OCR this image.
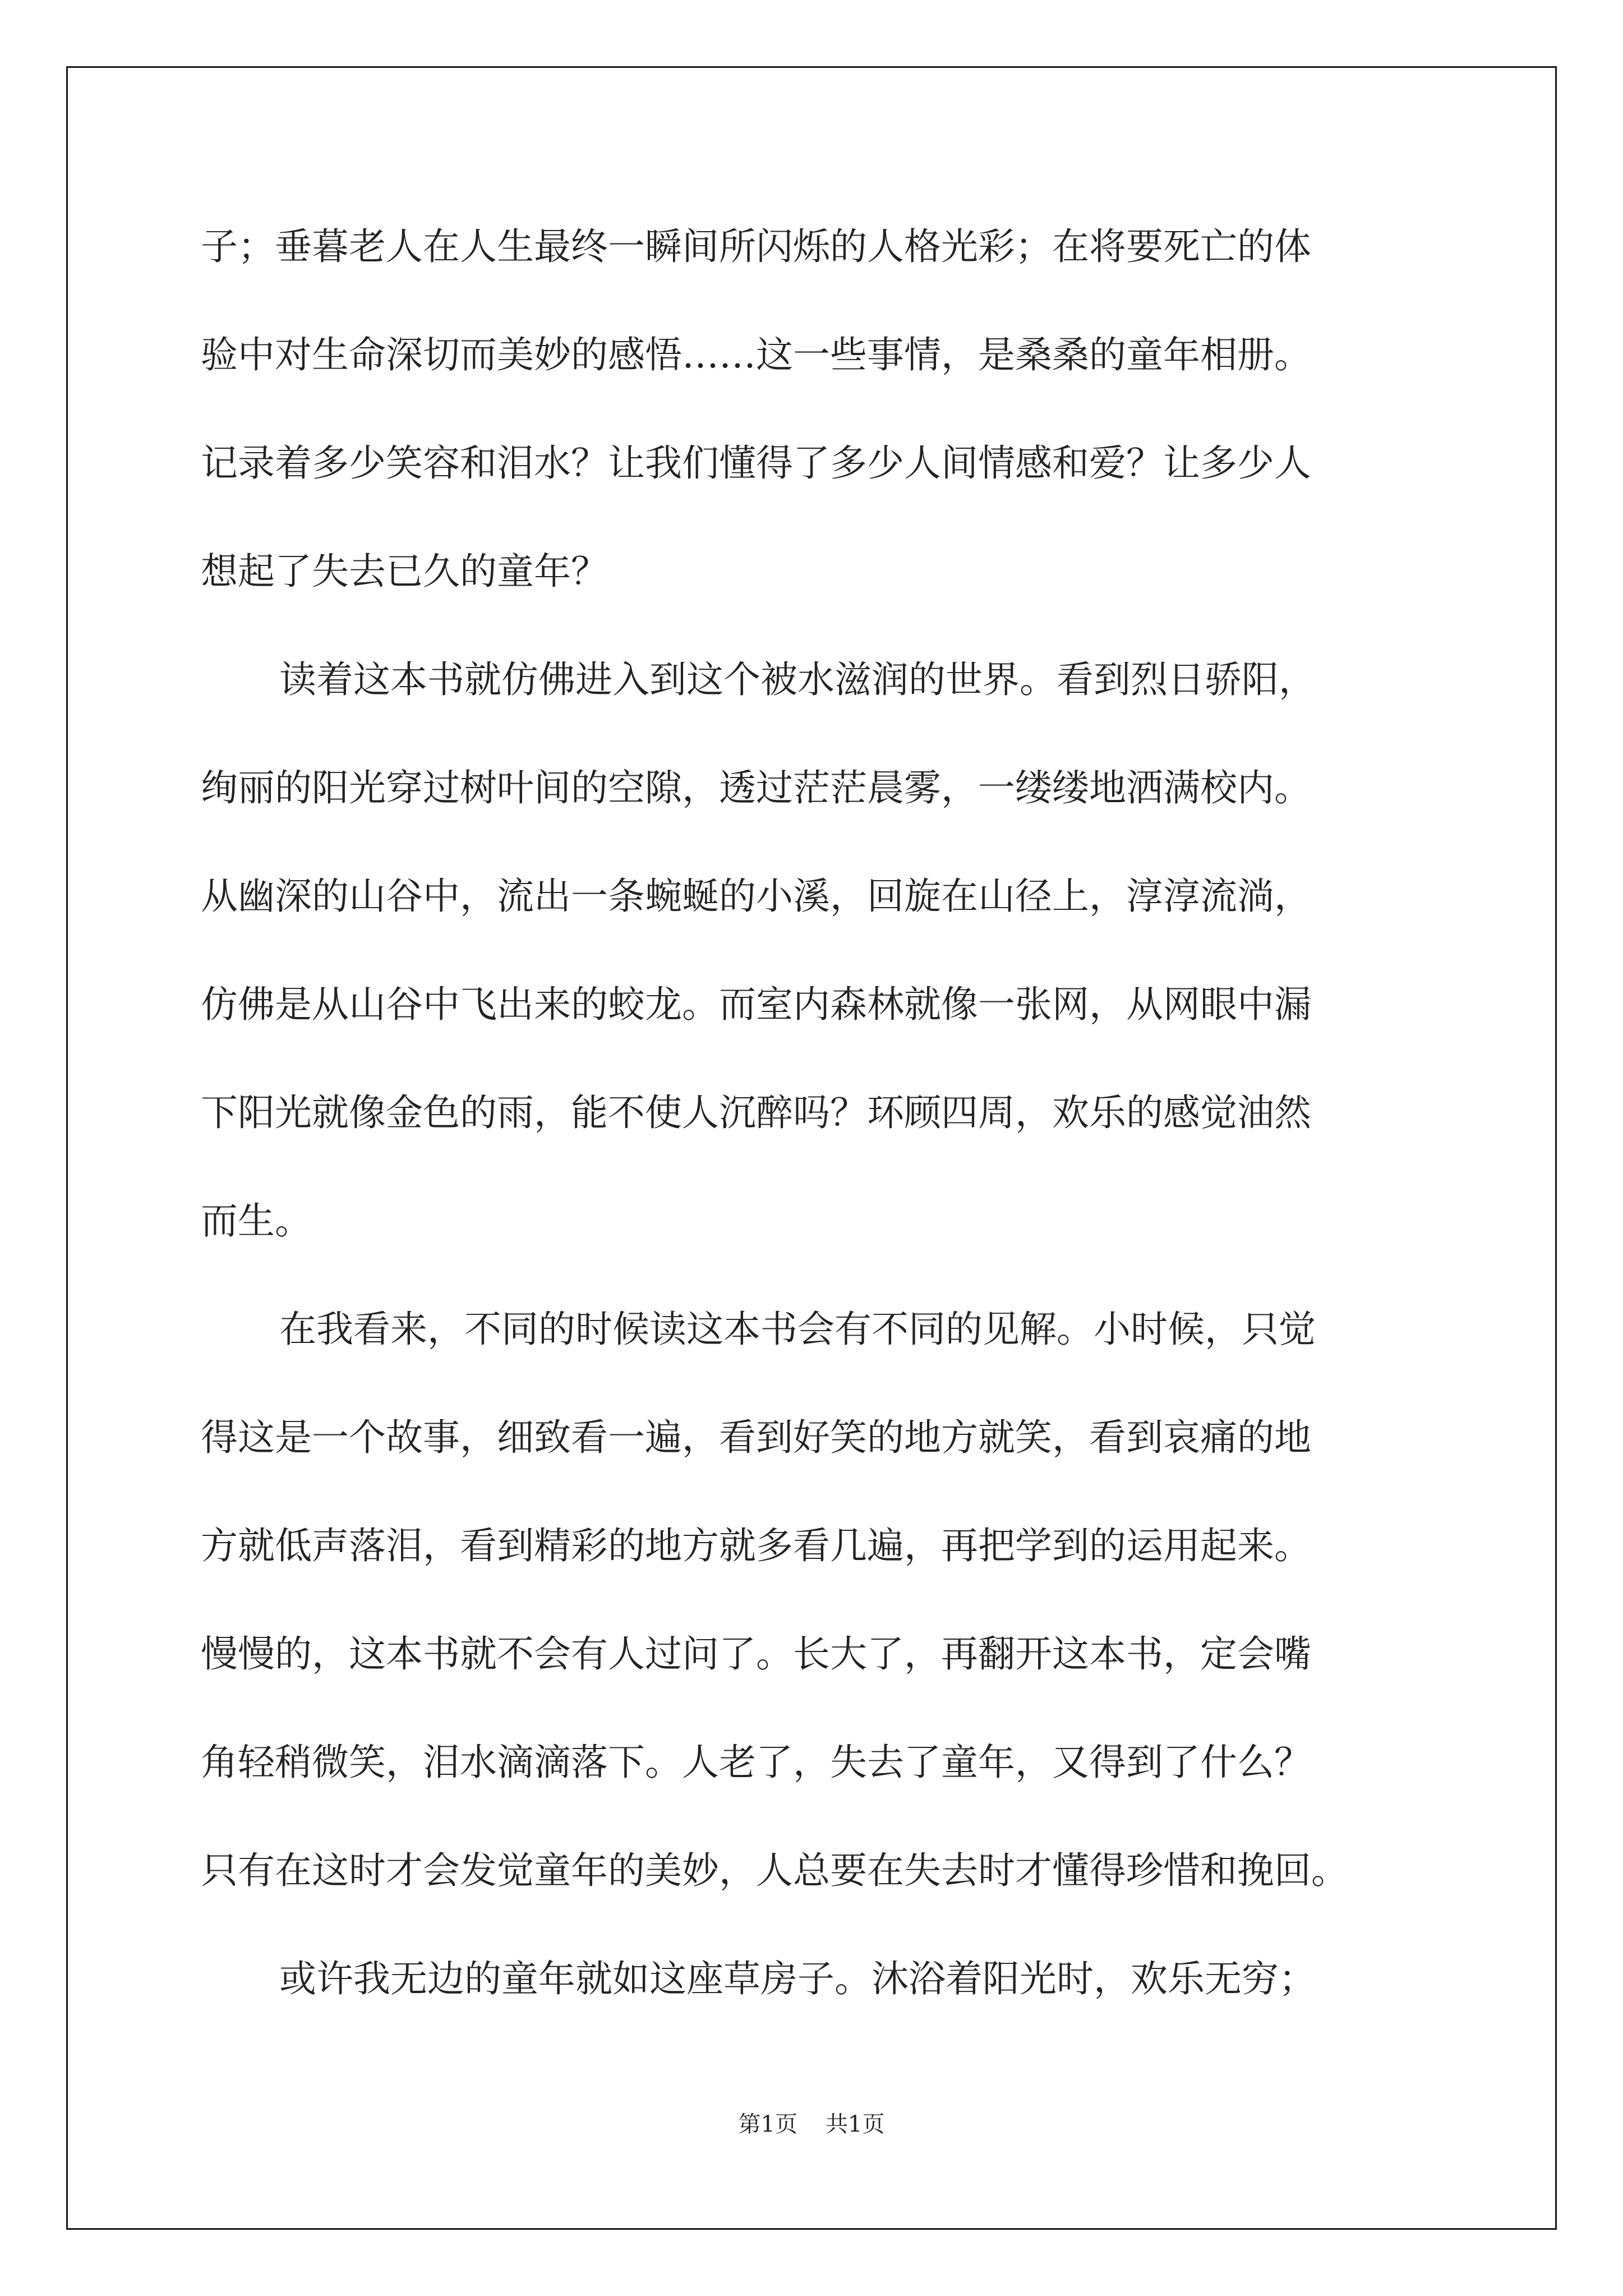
子；垂暮老人在人生最终一瞬间所闪烁的人格光彩；在将要死亡的体
验中对生命深切而美妙的感悟……这一些事情，是桑桑的童年相册。
记录着多少笑容和泪水？让我们懂得了多少人间情感和爱？让多少人
想起了失去已久的童年？
读着这本书就仿佛进入到这个被水滋润的世界。看到烈日骄阳，
绚丽的阳光穿过树叶间的空隙，透过茫茫晨雾，一缕缕地洒满校内。
从幽深的山谷中，流出一条蜿蜒的小溪，回旋在山径上，淳淳流淌，
仿佛是从山谷中飞出来的蛟龙。而室内森林就像一张网，从网眼中漏
下阳光就像金色的雨，能不使人沉醉吗？环顾四周，欢乐的感觉油然
而生。
在我看来，不同的时候读这本书会有不同的见解。小时候，只觉
得这是一个故事，细致看一遍，看到好笑的地方就笑，看到哀痛的地
方就低声落泪，看到精彩的地方就多看几遍，再把学到的运用起来。
慢慢的，这本书就不会有人过问了。长大了，再翻开这本书，定会嘴
角轻稍微笑，泪水滴滴落下。人老了，失去了童年，又得到了什么？
只有在这时才会发觉童年的美妙，人总要在失去时才懂得珍惜和挽回。
或许我无边的童年就如这座草房子。沐浴着阳光时，欢乐无穷；
第1页 共1页
